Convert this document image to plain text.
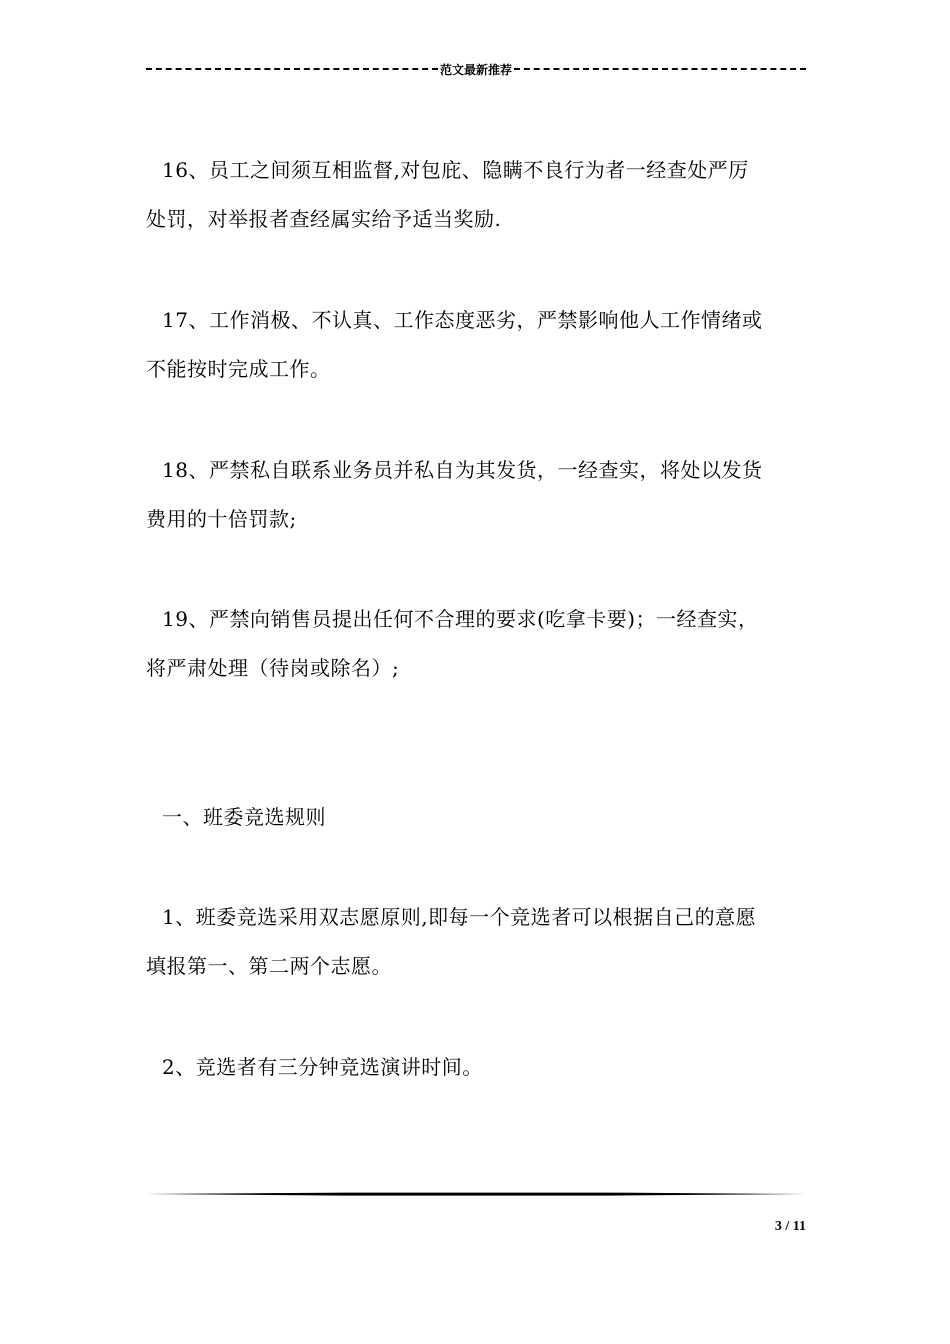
范文最新推荐

16、员工之间须互相监督,对包庇、隐瞒不良行为者一经查处严厉
处罚，对举报者查经属实给予适当奖励.

17、工作消极、不认真、工作态度恶劣，严禁影响他人工作情绪或
不能按时完成工作。

18、严禁私自联系业务员并私自为其发货，一经查实，将处以发货
费用的十倍罚款;

19、严禁向销售员提出任何不合理的要求(吃拿卡要)；一经查实，
将严肃处理（待岗或除名）;

一、班委竞选规则

1、班委竞选采用双志愿原则,即每一个竞选者可以根据自己的意愿
填报第一、第二两个志愿。

2、竞选者有三分钟竞选演讲时间。

3 / 11
